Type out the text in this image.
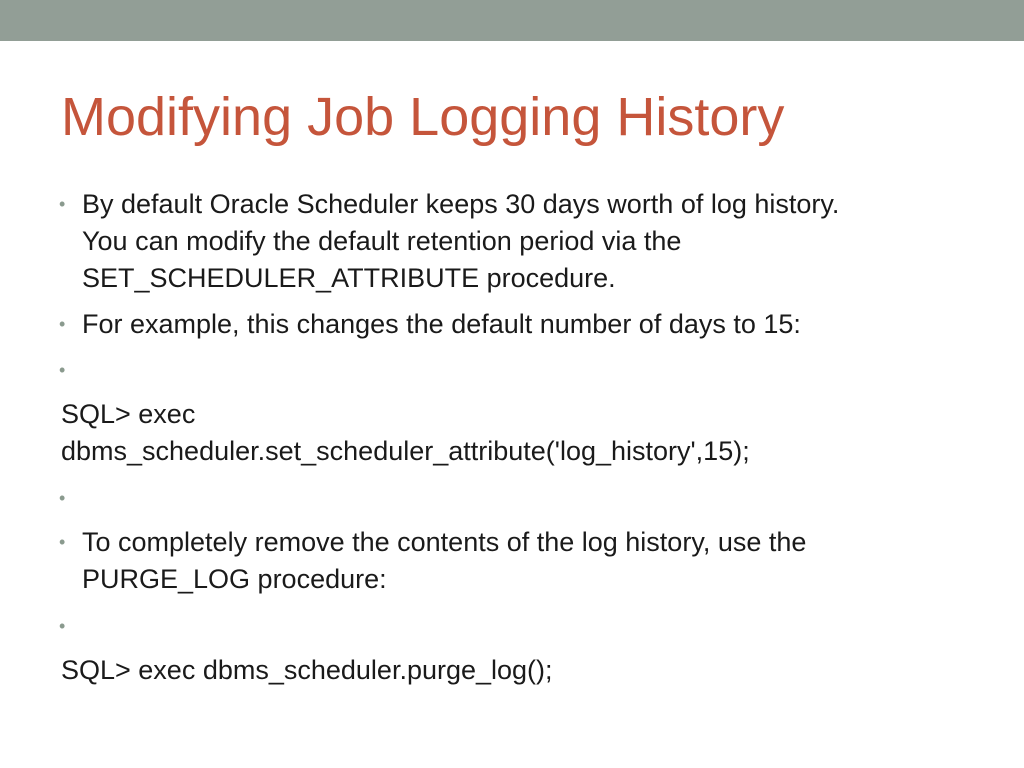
Modifying Job Logging History
• By default Oracle Scheduler keeps 30 days worth of log history.
You can modify the default retention period via the
SET_SCHEDULER_ATTRIBUTE procedure.
• For example, this changes the default number of days to 15:
•
SQL> exec
dbms_scheduler.set_scheduler_attribute('log_history',15);
•
• To completely remove the contents of the log history, use the
PURGE_LOG procedure:
•
SQL> exec dbms_scheduler.purge_log();
